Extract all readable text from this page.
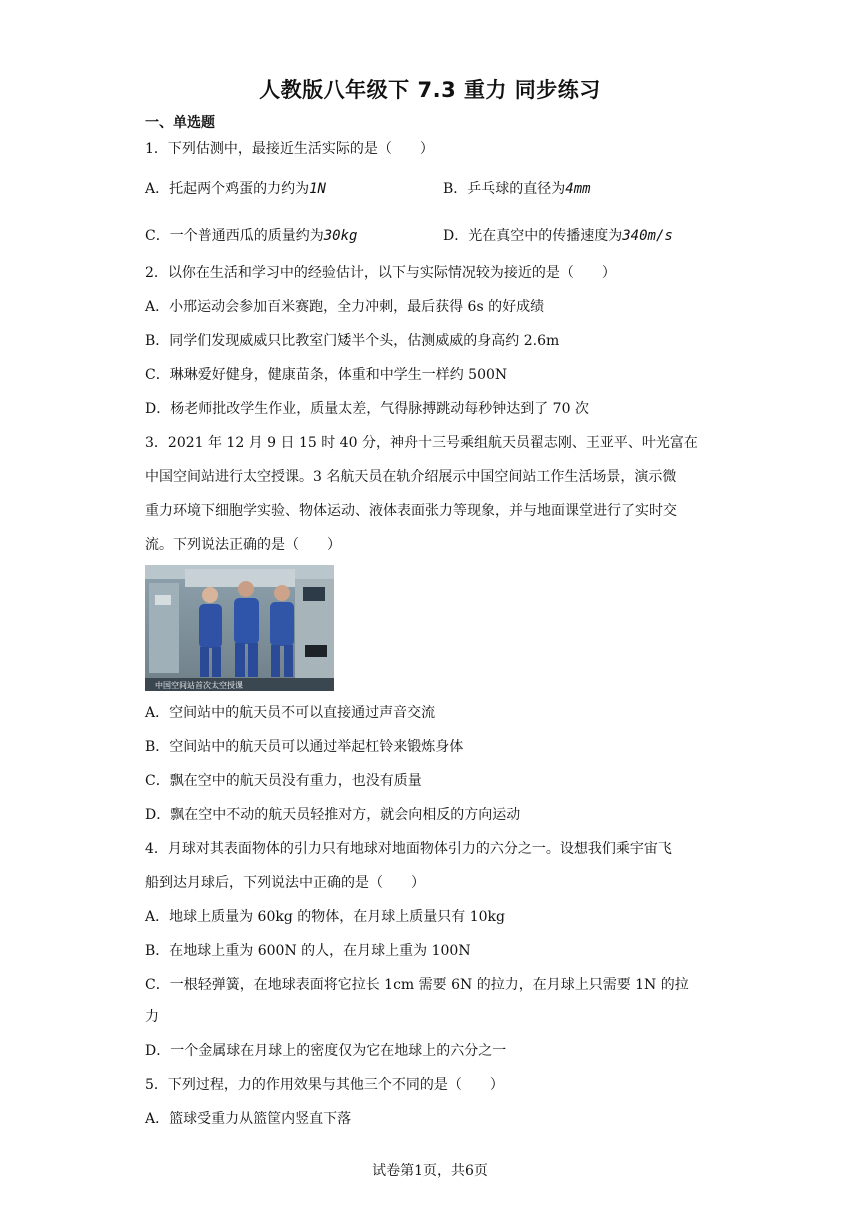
人教版八年级下 7.3 重力 同步练习
一、单选题
1．下列估测中，最接近生活实际的是（　　）
A．托起两个鸡蛋的力约为1N	B．乒乓球的直径为4mm
C．一个普通西瓜的质量约为30kg	D．光在真空中的传播速度为340m/s
2．以你在生活和学习中的经验估计，以下与实际情况较为接近的是（　　）
A．小邢运动会参加百米赛跑，全力冲刺，最后获得 6s 的好成绩
B．同学们发现威威只比教室门矮半个头，估测威威的身高约 2.6m
C．琳琳爱好健身，健康苗条，体重和中学生一样约 500N
D．杨老师批改学生作业，质量太差，气得脉搏跳动每秒钟达到了 70 次
3．2021 年 12 月 9 日 15 时 40 分，神舟十三号乘组航天员翟志刚、王亚平、叶光富在
中国空间站进行太空授课。3 名航天员在轨介绍展示中国空间站工作生活场景，演示微
重力环境下细胞学实验、物体运动、液体表面张力等现象，并与地面课堂进行了实时交
流。下列说法正确的是（　　）
中国空间站首次太空授课
A．空间站中的航天员不可以直接通过声音交流
B．空间站中的航天员可以通过举起杠铃来锻炼身体
C．飘在空中的航天员没有重力，也没有质量
D．飘在空中不动的航天员轻推对方，就会向相反的方向运动
4．月球对其表面物体的引力只有地球对地面物体引力的六分之一。设想我们乘宇宙飞
船到达月球后，下列说法中正确的是（　　）
A．地球上质量为 60kg 的物体，在月球上质量只有 10kg
B．在地球上重为 600N 的人，在月球上重为 100N
C．一根轻弹簧，在地球表面将它拉长 1cm 需要 6N 的拉力，在月球上只需要 1N 的拉
力
D．一个金属球在月球上的密度仅为它在地球上的六分之一
5．下列过程，力的作用效果与其他三个不同的是（　　）
A．篮球受重力从篮筐内竖直下落
试卷第1页，共6页
